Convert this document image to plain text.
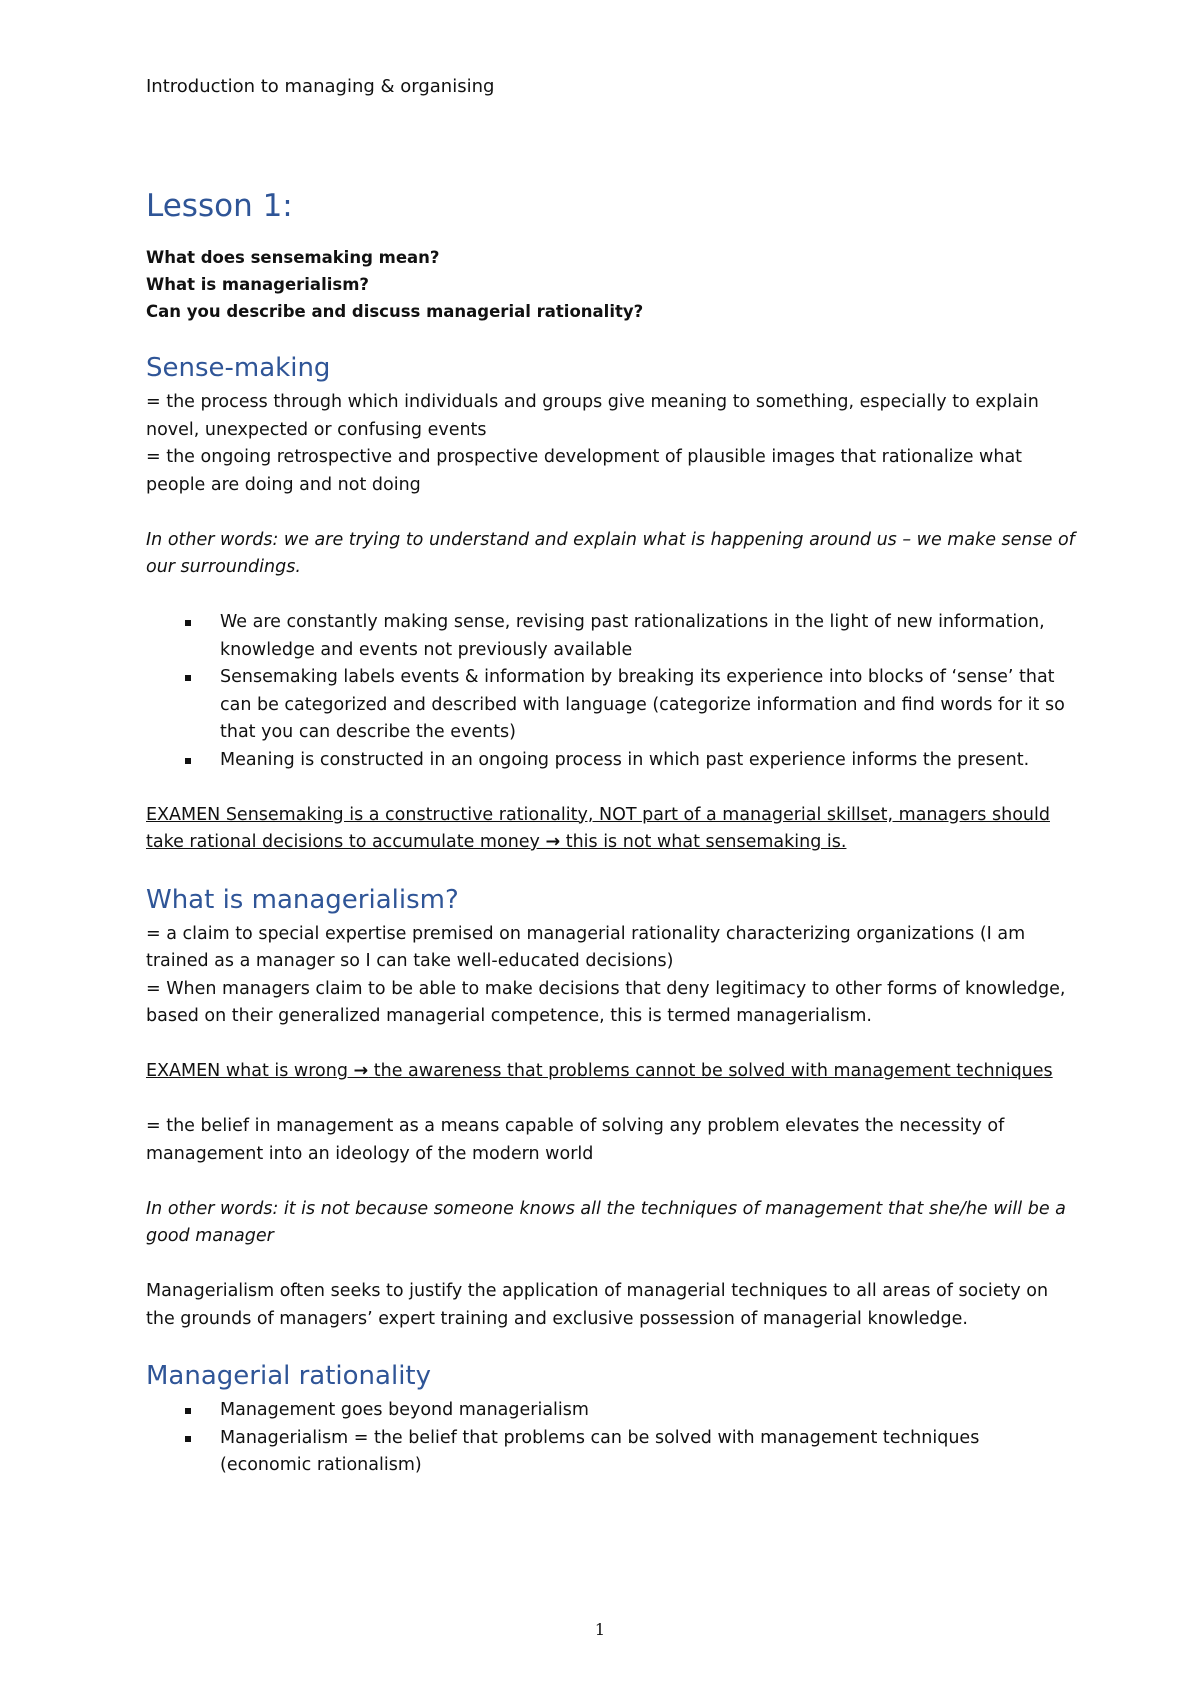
Introduction to managing & organising

Lesson 1:

What does sensemaking mean?

What is managerialism?

Can you describe and discuss managerial rationality?

Sense-making

= the process through which individuals and groups give meaning to something, especially to explain novel, unexpected or confusing events

= the ongoing retrospective and prospective development of plausible images that rationalize what people are doing and not doing

In other words: we are trying to understand and explain what is happening around us – we make sense of our surroundings.

We are constantly making sense, revising past rationalizations in the light of new information, knowledge and events not previously available
Sensemaking labels events & information by breaking its experience into blocks of ‘sense’ that can be categorized and described with language (categorize information and find words for it so that you can describe the events)
Meaning is constructed in an ongoing process in which past experience informs the present.

EXAMEN Sensemaking is a constructive rationality, NOT part of a managerial skillset, managers should take rational decisions to accumulate money → this is not what sensemaking is.

What is managerialism?

= a claim to special expertise premised on managerial rationality characterizing organizations (I am trained as a manager so I can take well-educated decisions)

= When managers claim to be able to make decisions that deny legitimacy to other forms of knowledge, based on their generalized managerial competence, this is termed managerialism.

EXAMEN what is wrong → the awareness that problems cannot be solved with management techniques

= the belief in management as a means capable of solving any problem elevates the necessity of management into an ideology of the modern world

In other words: it is not because someone knows all the techniques of management that she/he will be a good manager

Managerialism often seeks to justify the application of managerial techniques to all areas of society on the grounds of managers’ expert training and exclusive possession of managerial knowledge.

Managerial rationality
Management goes beyond managerialism
Managerialism = the belief that problems can be solved with management techniques (economic rationalism)

1
